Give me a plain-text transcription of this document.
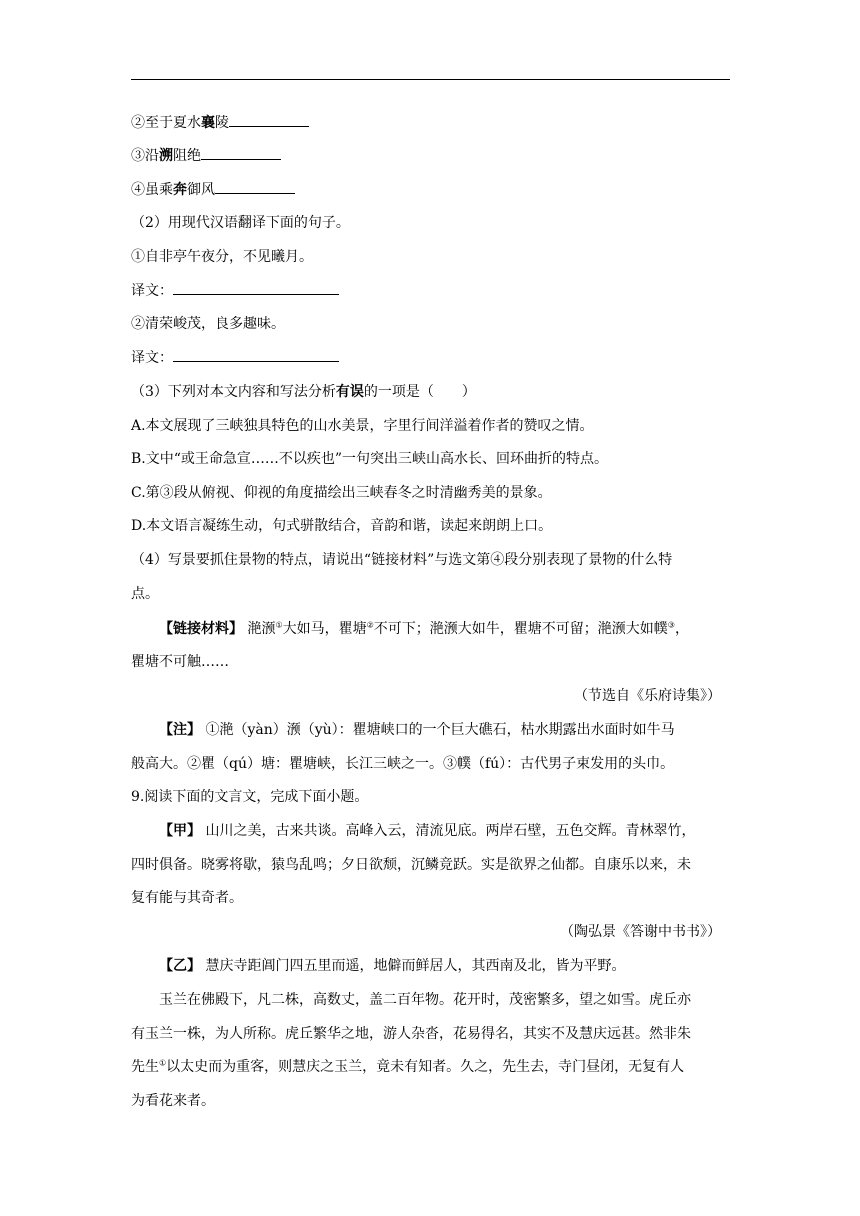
②至于夏水襄陵
③沿溯阻绝
④虽乘奔御风
（2）用现代汉语翻译下面的句子。
①自非亭午夜分，不见曦月。
译文：
②清荣峻茂，良多趣味。
译文：
（3）下列对本文内容和写法分析有误的一项是（　　）
A.本文展现了三峡独具特色的山水美景，字里行间洋溢着作者的赞叹之情。
B.文中“或王命急宣……不以疾也”一句突出三峡山高水长、回环曲折的特点。
C.第③段从俯视、仰视的角度描绘出三峡春冬之时清幽秀美的景象。
D.本文语言凝练生动，句式骈散结合，音韵和谐，读起来朗朗上口。
（4）写景要抓住景物的特点，请说出“链接材料”与选文第④段分别表现了景物的什么特
点。
【链接材料】 滟滪①大如马，瞿塘②不可下；滟滪大如牛，瞿塘不可留；滟滪大如幞③，
瞿塘不可触……
（节选自《乐府诗集》）
【注】 ①滟（yàn）滪（yù）：瞿塘峡口的一个巨大礁石，枯水期露出水面时如牛马
般高大。②瞿（qú）塘：瞿塘峡，长江三峡之一。③幞（fú）：古代男子束发用的头巾。
9.阅读下面的文言文，完成下面小题。
【甲】 山川之美，古来共谈。高峰入云，清流见底。两岸石壁，五色交辉。青林翠竹，
四时俱备。晓雾将歇，猿鸟乱鸣；夕日欲颓，沉鳞竞跃。实是欲界之仙都。自康乐以来，未
复有能与其奇者。
（陶弘景《答谢中书书》）
【乙】 慧庆寺距阊门四五里而遥，地僻而鲜居人，其西南及北，皆为平野。
玉兰在佛殿下，凡二株，高数丈，盖二百年物。花开时，茂密繁多，望之如雪。虎丘亦
有玉兰一株，为人所称。虎丘繁华之地，游人杂沓，花易得名，其实不及慧庆远甚。然非朱
先生①以太史而为重客，则慧庆之玉兰，竟未有知者。久之，先生去，寺门昼闭，无复有人
为看花来者。
